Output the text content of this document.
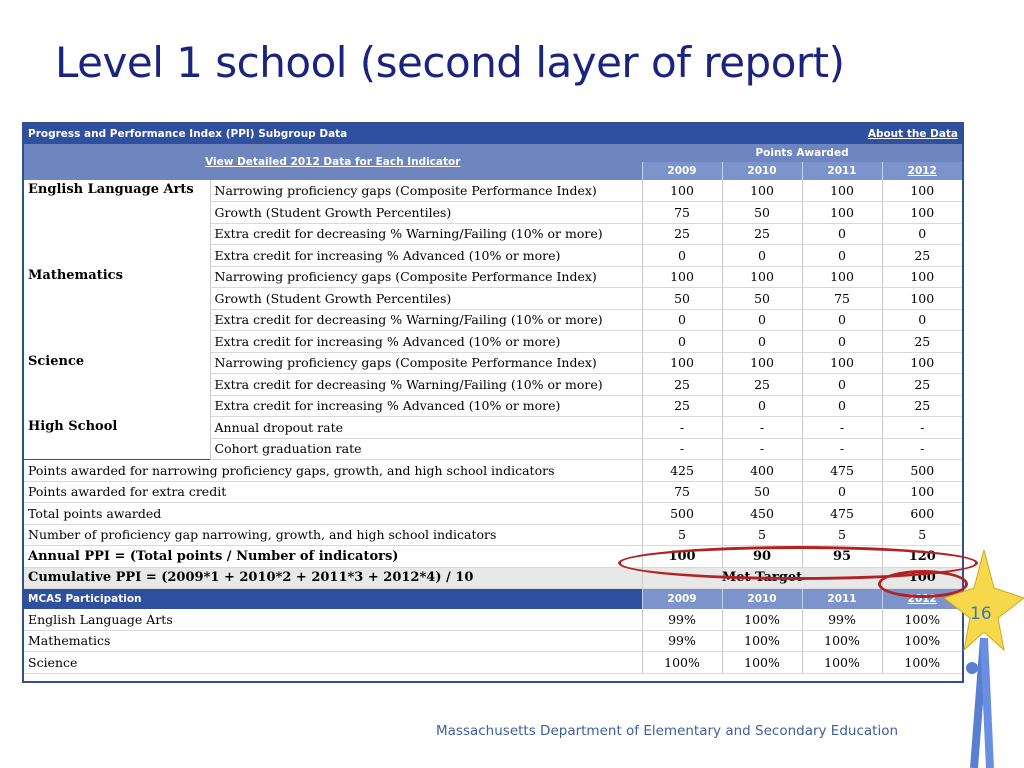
Level 1 school (second layer of report)
Progress and Performance Index (PPI) Subgroup Data		About the Data			
View Detailed 2012 Data for Each Indicator		Points Awarded			
		2009	2010	2011	2012
English Language Arts	Narrowing proficiency gaps (Composite Performance Index)	100	100	100	100
	Growth (Student Growth Percentiles)	75	50	100	100
	Extra credit for decreasing % Warning/Failing (10% or more)	25	25	0	0
	Extra credit for increasing % Advanced (10% or more)	0	0	0	25
Mathematics	Narrowing proficiency gaps (Composite Performance Index)	100	100	100	100
	Growth (Student Growth Percentiles)	50	50	75	100
	Extra credit for decreasing % Warning/Failing (10% or more)	0	0	0	0
	Extra credit for increasing % Advanced (10% or more)	0	0	0	25
Science	Narrowing proficiency gaps (Composite Performance Index)	100	100	100	100
	Extra credit for decreasing % Warning/Failing (10% or more)	25	25	0	25
	Extra credit for increasing % Advanced (10% or more)	25	0	0	25
High School	Annual dropout rate	-	-	-	-
	Cohort graduation rate	-	-	-	-
Points awarded for narrowing proficiency gaps, growth, and high school indicators		425	400	475	500
Points awarded for extra credit		75	50	0	100
Total points awarded		500	450	475	600
Number of proficiency gap narrowing, growth, and high school indicators		5	5	5	5
Annual PPI = (Total points / Number of indicators)		100	90	95	120
Cumulative PPI = (2009*1 + 2010*2 + 2011*3 + 2012*4) / 10		Met Target			100
MCAS Participation		2009	2010	2011	2012
English Language Arts		99%	100%	99%	100%
Mathematics		99%	100%	100%	100%
Science		100%	100%	100%	100%
16
Massachusetts Department of Elementary and Secondary Education
